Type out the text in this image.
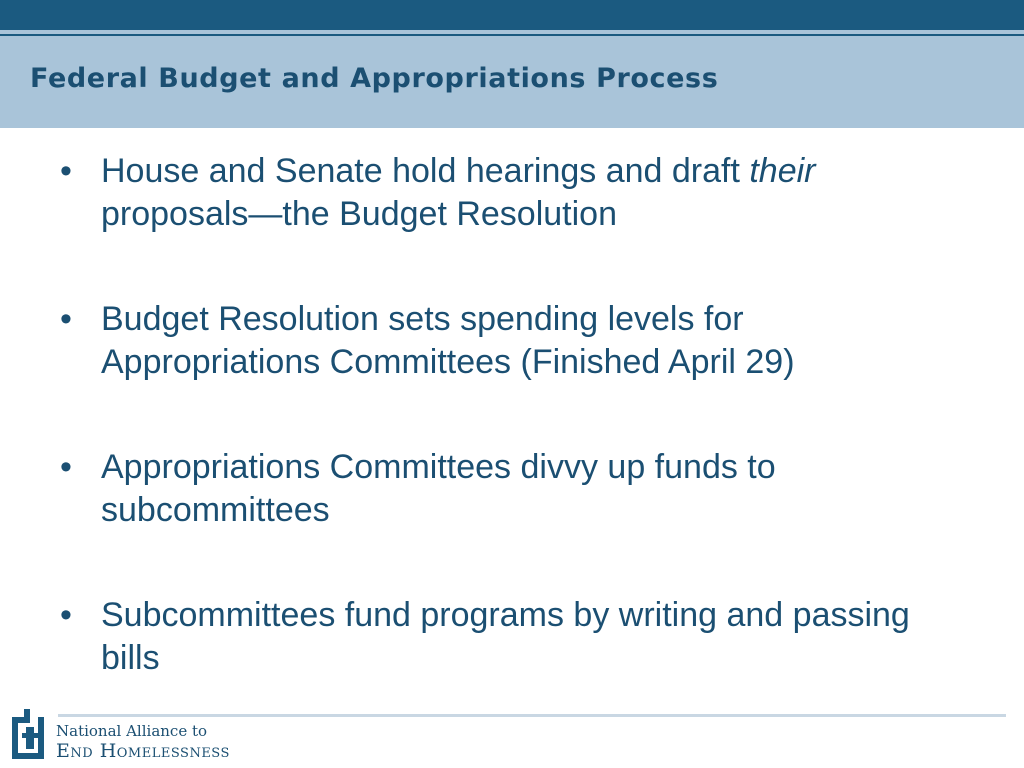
Federal Budget and Appropriations Process
• House and Senate hold hearings and draft their proposals—the Budget Resolution
• Budget Resolution sets spending levels for Appropriations Committees (Finished April 29)
• Appropriations Committees divvy up funds to subcommittees
• Subcommittees fund programs by writing and passing bills
National Alliance to
End Homelessness
